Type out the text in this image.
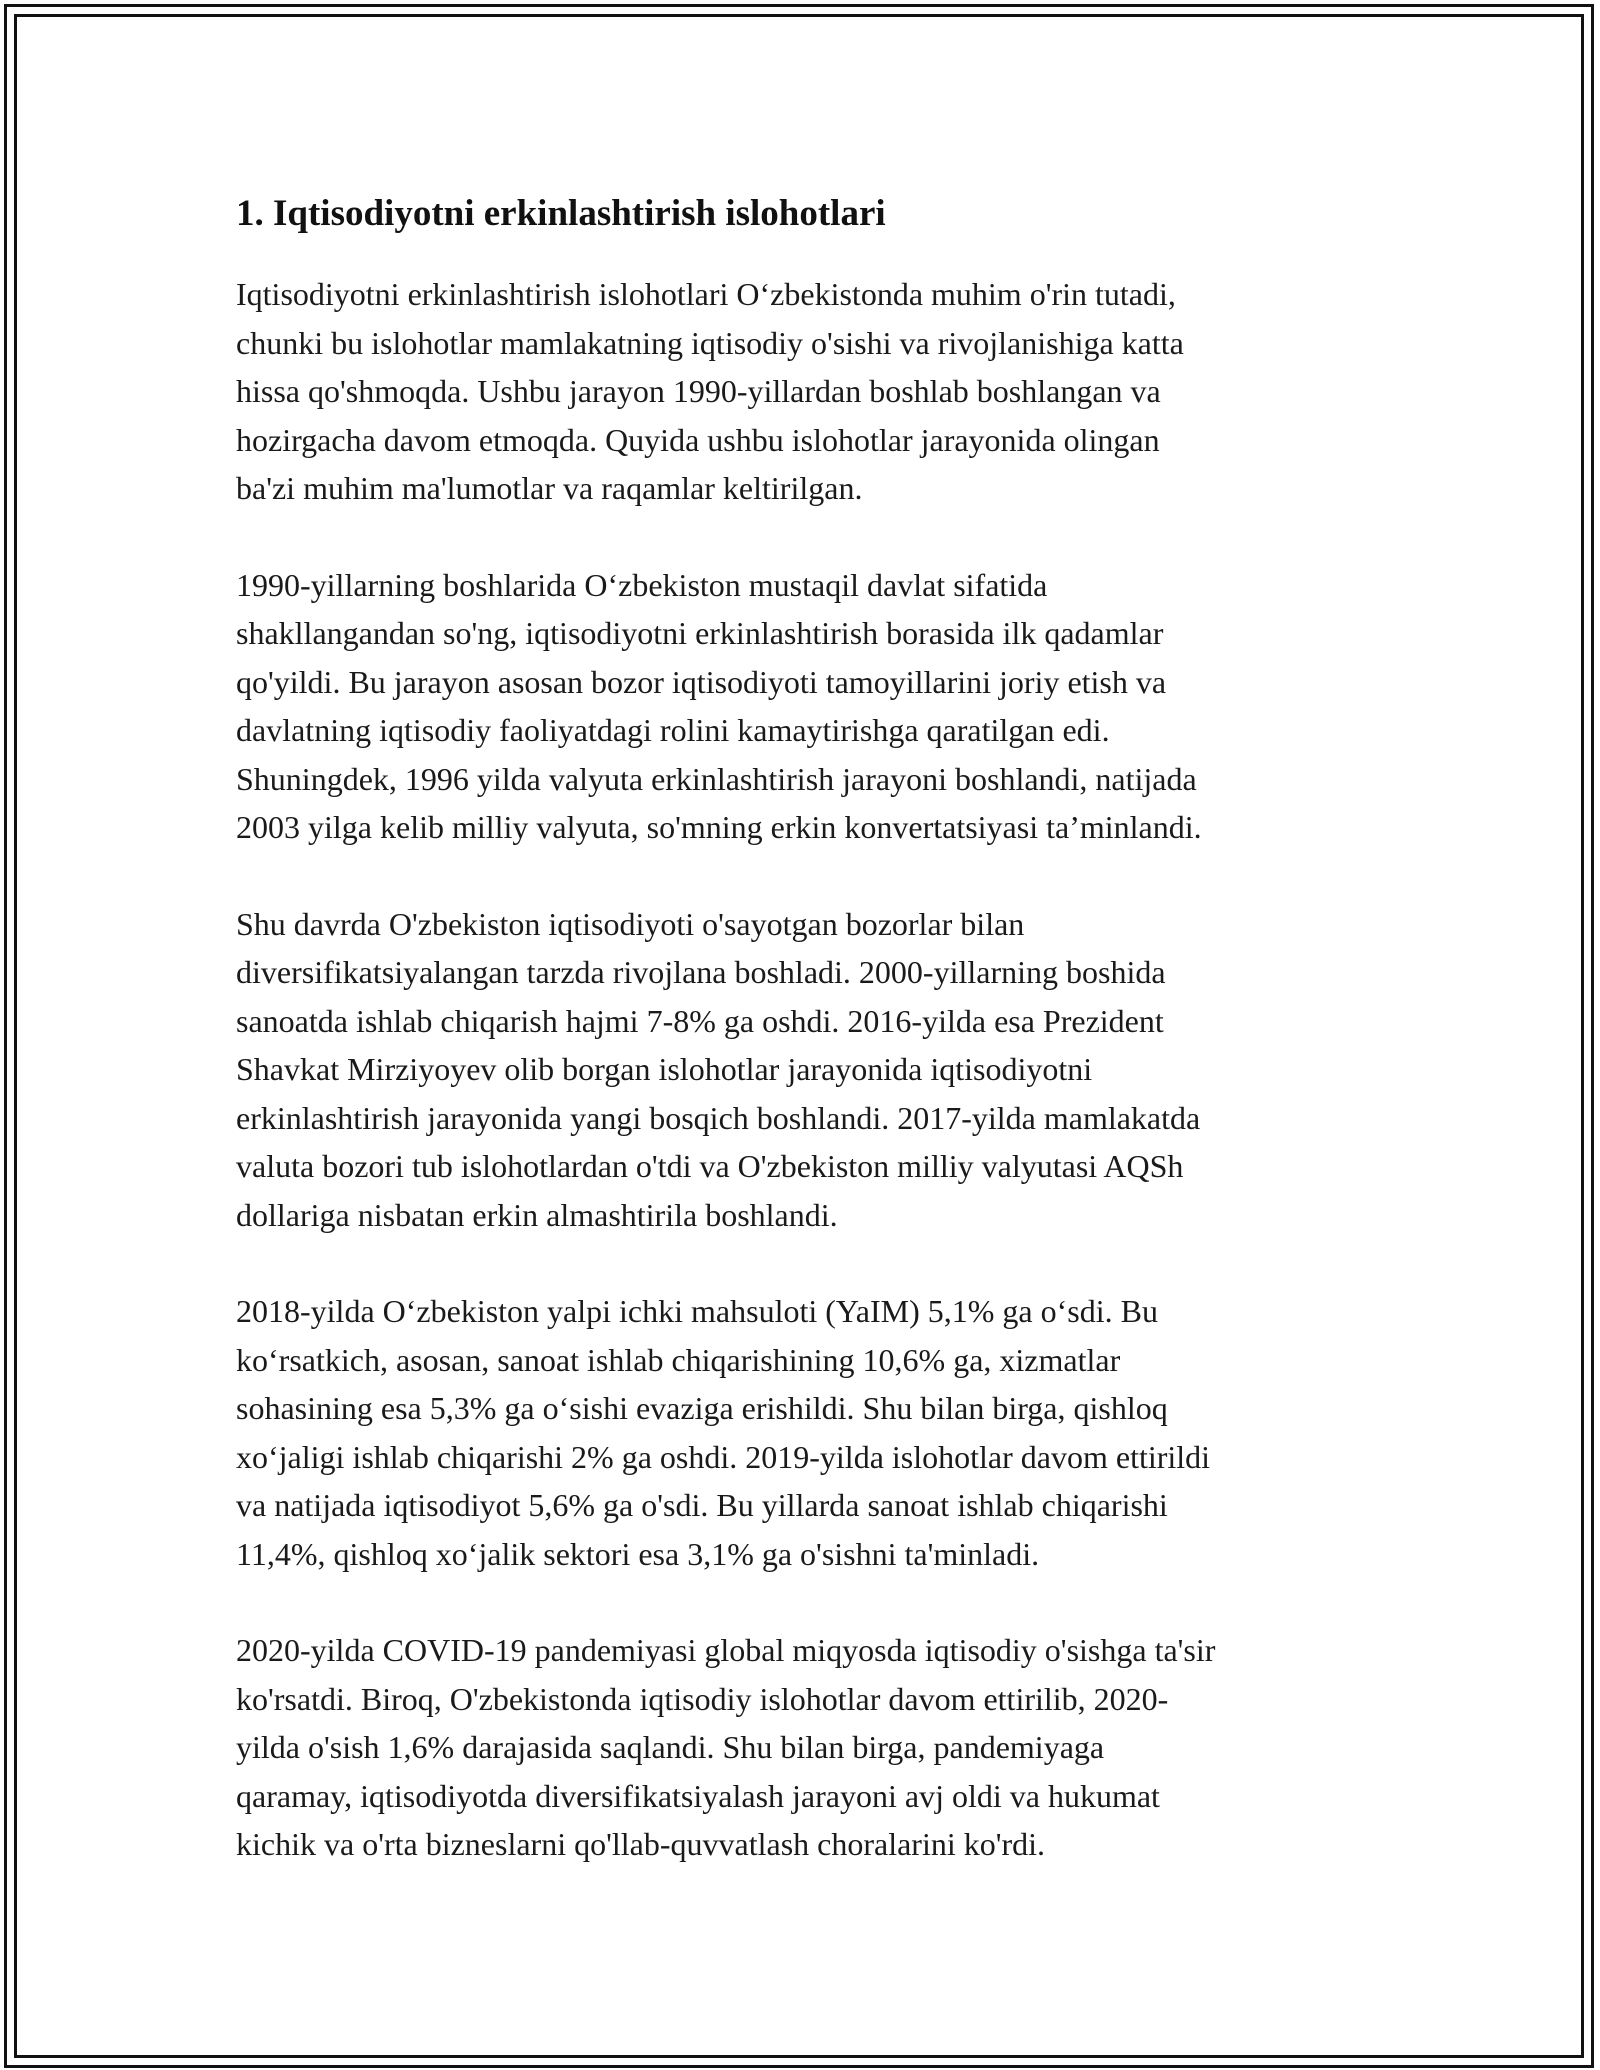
1. Iqtisodiyotni erkinlashtirish islohotlari

Iqtisodiyotni erkinlashtirish islohotlari O‘zbekistonda muhim o'rin tutadi,
chunki bu islohotlar mamlakatning iqtisodiy o'sishi va rivojlanishiga katta
hissa qo'shmoqda. Ushbu jarayon 1990-yillardan boshlab boshlangan va
hozirgacha davom etmoqda. Quyida ushbu islohotlar jarayonida olingan
ba'zi muhim ma'lumotlar va raqamlar keltirilgan.

1990-yillarning boshlarida O‘zbekiston mustaqil davlat sifatida
shakllangandan so'ng, iqtisodiyotni erkinlashtirish borasida ilk qadamlar
qo'yildi. Bu jarayon asosan bozor iqtisodiyoti tamoyillarini joriy etish va
davlatning iqtisodiy faoliyatdagi rolini kamaytirishga qaratilgan edi.
Shuningdek, 1996 yilda valyuta erkinlashtirish jarayoni boshlandi, natijada
2003 yilga kelib milliy valyuta, so'mning erkin konvertatsiyasi ta’minlandi.

Shu davrda O'zbekiston iqtisodiyoti o'sayotgan bozorlar bilan
diversifikatsiyalangan tarzda rivojlana boshladi. 2000-yillarning boshida
sanoatda ishlab chiqarish hajmi 7-8% ga oshdi. 2016-yilda esa Prezident
Shavkat Mirziyoyev olib borgan islohotlar jarayonida iqtisodiyotni
erkinlashtirish jarayonida yangi bosqich boshlandi. 2017-yilda mamlakatda
valuta bozori tub islohotlardan o'tdi va O'zbekiston milliy valyutasi AQSh
dollariga nisbatan erkin almashtirila boshlandi.

2018-yilda O‘zbekiston yalpi ichki mahsuloti (YaIM) 5,1% ga o‘sdi. Bu
ko‘rsatkich, asosan, sanoat ishlab chiqarishining 10,6% ga, xizmatlar
sohasining esa 5,3% ga o‘sishi evaziga erishildi. Shu bilan birga, qishloq
xo‘jaligi ishlab chiqarishi 2% ga oshdi. 2019-yilda islohotlar davom ettirildi
va natijada iqtisodiyot 5,6% ga o'sdi. Bu yillarda sanoat ishlab chiqarishi
11,4%, qishloq xo‘jalik sektori esa 3,1% ga o'sishni ta'minladi.

2020-yilda COVID-19 pandemiyasi global miqyosda iqtisodiy o'sishga ta'sir
ko'rsatdi. Biroq, O'zbekistonda iqtisodiy islohotlar davom ettirilib, 2020-
yilda o'sish 1,6% darajasida saqlandi. Shu bilan birga, pandemiyaga
qaramay, iqtisodiyotda diversifikatsiyalash jarayoni avj oldi va hukumat
kichik va o'rta bizneslarni qo'llab-quvvatlash choralarini ko'rdi.
